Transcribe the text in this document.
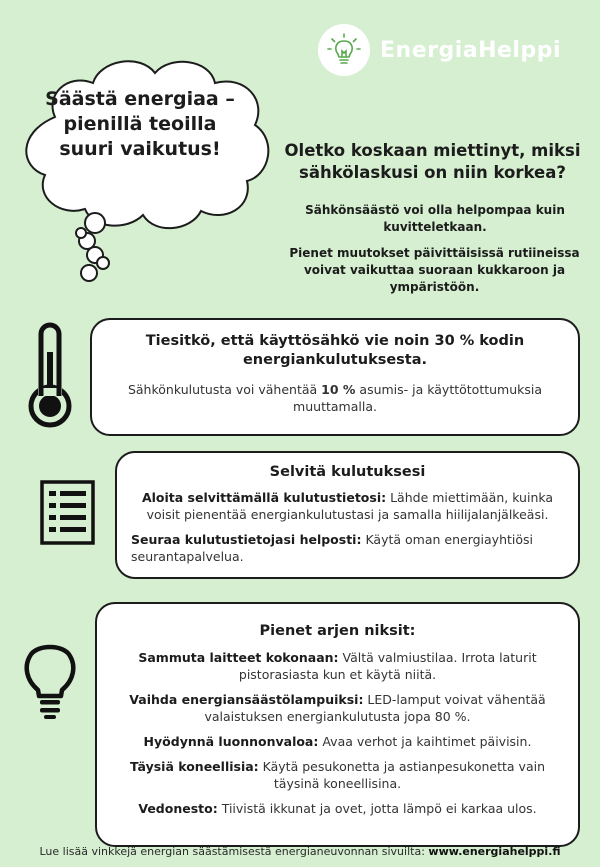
EnergiaHelppi
Säästä energiaa – pienillä teoilla suuri vaikutus!	Oletko koskaan miettinyt, miksi sähkölaskusi on niin korkea?
Sähkönsäästö voi olla helpompaa kuin kuvitteletkaan.
Pienet muutokset päivittäisissä rutiineissa voivat vaikuttaa suoraan kukkaroon ja ympäristöön.
Tiesitkö, että käyttösähkö vie noin 30 % kodin energiankulutuksesta.
Sähkönkulutusta voi vähentää 10 % asumis- ja käyttötottumuksia muuttamalla.
Selvitä kulutuksesi
Aloita selvittämällä kulutustietosi: Lähde miettimään, kuinka voisit pienentää energiankulutustasi ja samalla hiilijalanjälkeäsi.
Seuraa kulutustietojasi helposti: Käytä oman energiayhtiösi seurantapalvelua.
Pienet arjen niksit:
Sammuta laitteet kokonaan: Vältä valmiustilaa. Irrota laturit pistorasiasta kun et käytä niitä.
Vaihda energiansäästölampuiksi: LED-lamput voivat vähentää valaistuksen energiankulutusta jopa 80 %.
Hyödynnä luonnonvaloa: Avaa verhot ja kaihtimet päivisin.
Täysiä koneellisia: Käytä pesukonetta ja astianpesukonetta vain täysinä koneellisina.
Vedonesto: Tiivistä ikkunat ja ovet, jotta lämpö ei karkaa ulos.
Lue lisää vinkkejä energian säästämisestä energianeuvonnan sivuilta: www.energiahelppi.fi
